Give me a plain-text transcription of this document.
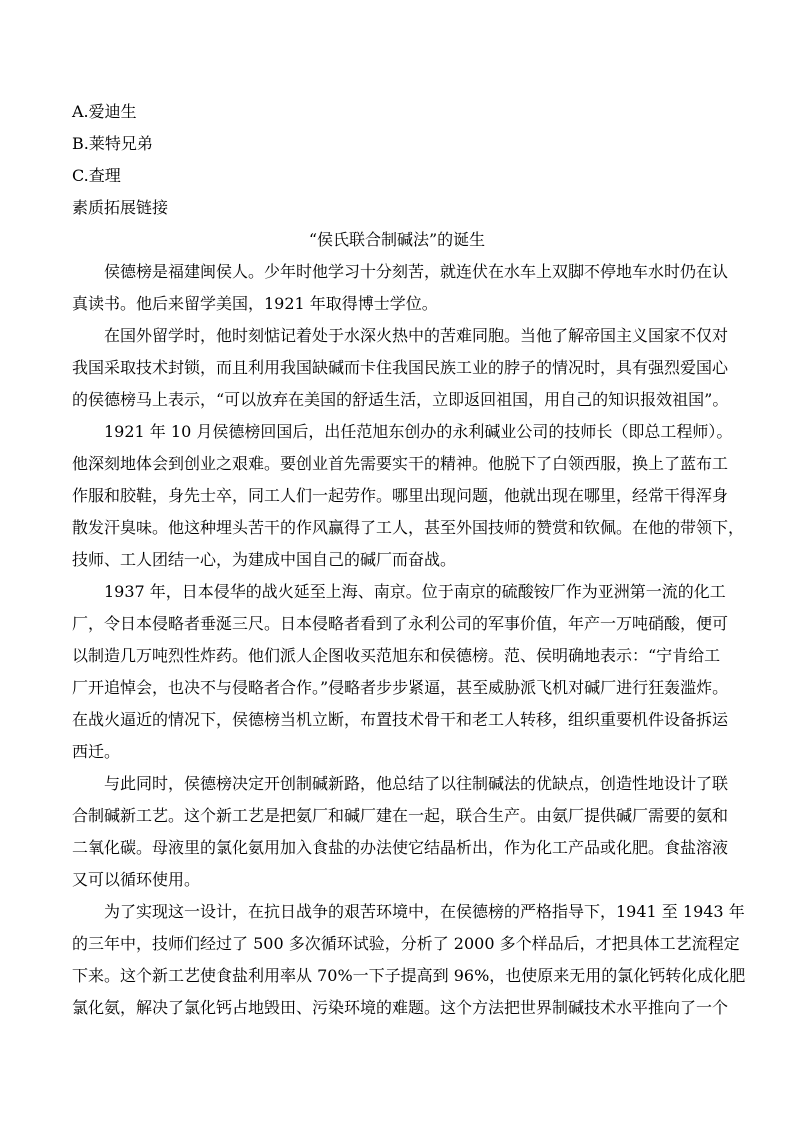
A.爱迪生
B.莱特兄弟
C.查理
素质拓展链接
“侯氏联合制碱法”的诞生
侯德榜是福建闽侯人。少年时他学习十分刻苦，就连伏在水车上双脚不停地车水时仍在认
真读书。他后来留学美国，1921 年取得博士学位。
在国外留学时，他时刻惦记着处于水深火热中的苦难同胞。当他了解帝国主义国家不仅对
我国采取技术封锁，而且利用我国缺碱而卡住我国民族工业的脖子的情况时，具有强烈爱国心
的侯德榜马上表示，“可以放弃在美国的舒适生活，立即返回祖国，用自己的知识报效祖国”。
1921 年 10 月侯德榜回国后，出任范旭东创办的永利碱业公司的技师长（即总工程师）。
他深刻地体会到创业之艰难。要创业首先需要实干的精神。他脱下了白领西服，换上了蓝布工
作服和胶鞋，身先士卒，同工人们一起劳作。哪里出现问题，他就出现在哪里，经常干得浑身
散发汗臭味。他这种埋头苦干的作风赢得了工人，甚至外国技师的赞赏和钦佩。在他的带领下，
技师、工人团结一心，为建成中国自己的碱厂而奋战。
1937 年，日本侵华的战火延至上海、南京。位于南京的硫酸铵厂作为亚洲第一流的化工
厂，令日本侵略者垂涎三尺。日本侵略者看到了永利公司的军事价值，年产一万吨硝酸，便可
以制造几万吨烈性炸药。他们派人企图收买范旭东和侯德榜。范、侯明确地表示：“宁肯给工
厂开追悼会，也决不与侵略者合作。”侵略者步步紧逼，甚至威胁派飞机对碱厂进行狂轰滥炸。
在战火逼近的情况下，侯德榜当机立断，布置技术骨干和老工人转移，组织重要机件设备拆运
西迁。
与此同时，侯德榜决定开创制碱新路，他总结了以往制碱法的优缺点，创造性地设计了联
合制碱新工艺。这个新工艺是把氨厂和碱厂建在一起，联合生产。由氨厂提供碱厂需要的氨和
二氧化碳。母液里的氯化氨用加入食盐的办法使它结晶析出，作为化工产品或化肥。食盐溶液
又可以循环使用。
为了实现这一设计，在抗日战争的艰苦环境中，在侯德榜的严格指导下，1941 至 1943 年
的三年中，技师们经过了 500 多次循环试验，分析了 2000 多个样品后，才把具体工艺流程定
下来。这个新工艺使食盐利用率从 70%一下子提高到 96%，也使原来无用的氯化钙转化成化肥
氯化氨，解决了氯化钙占地毁田、污染环境的难题。这个方法把世界制碱技术水平推向了一个
